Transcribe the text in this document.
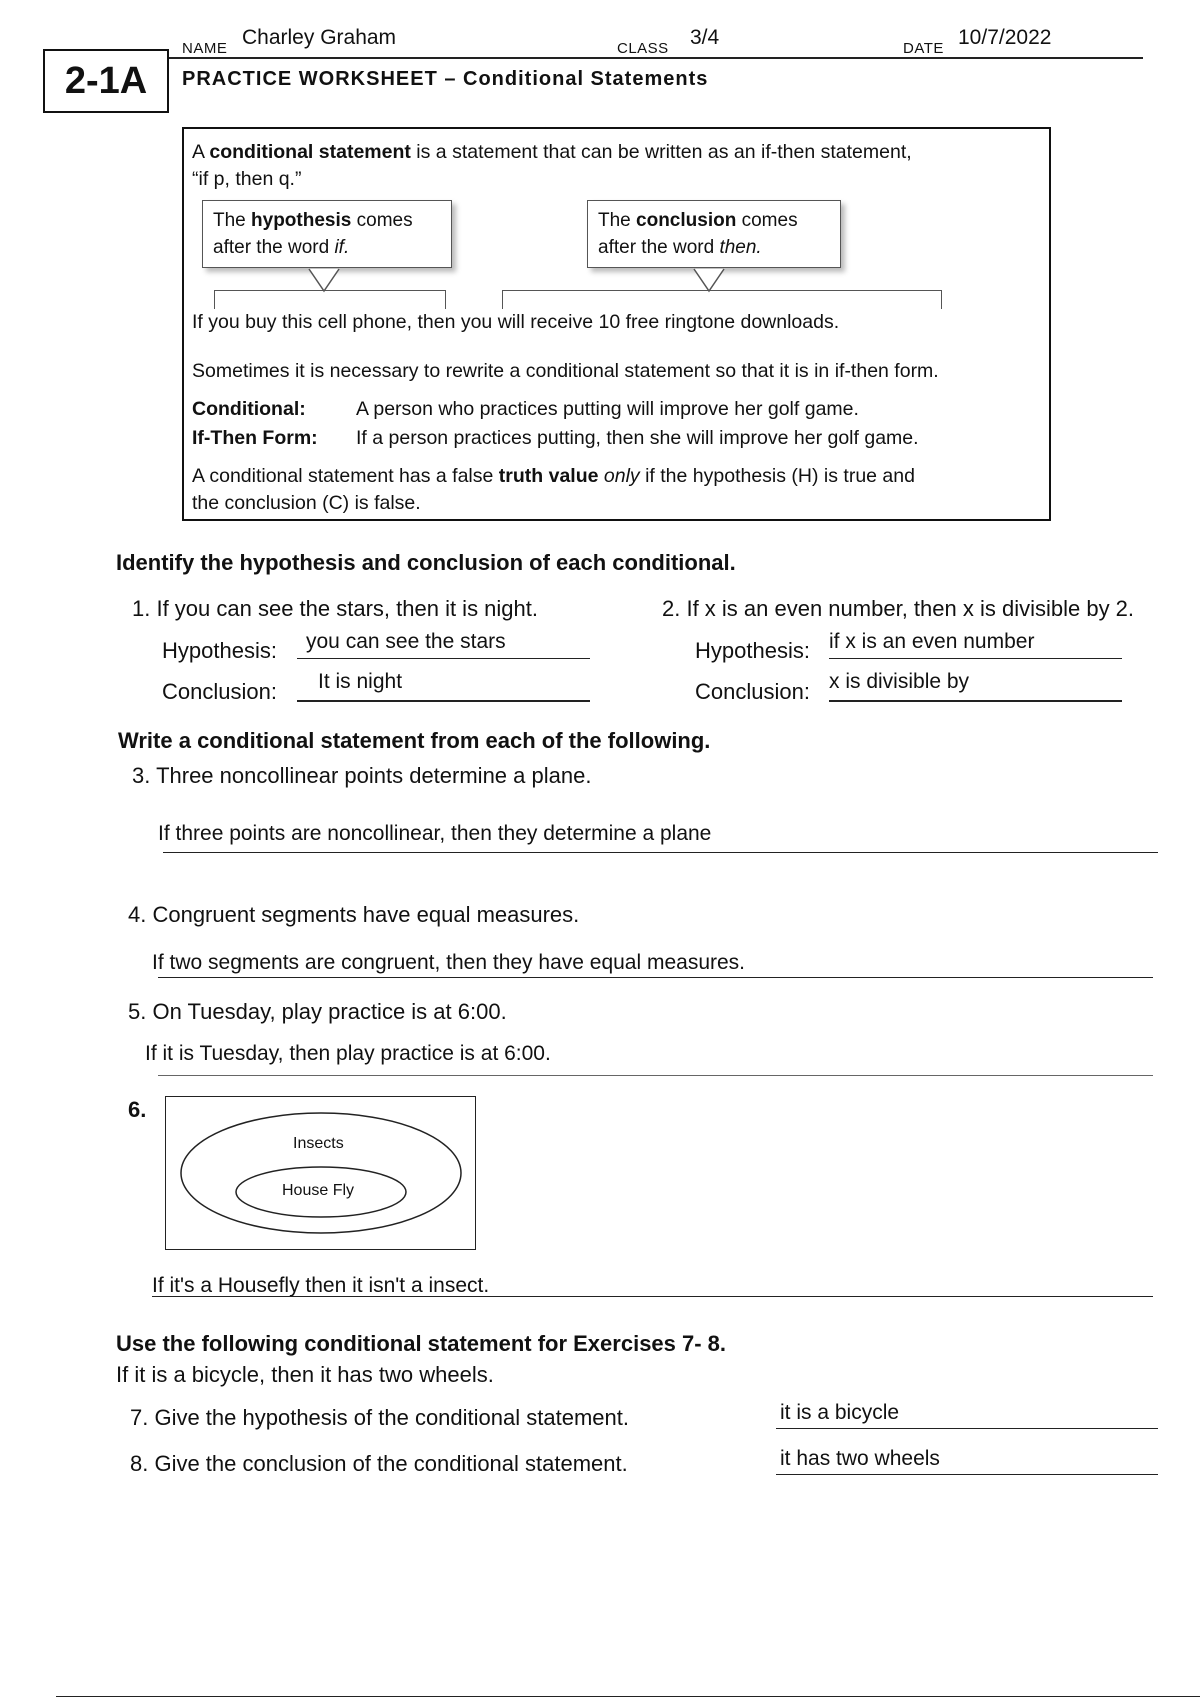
NAME Charley Graham	CLASS 3/4	DATE 10/7/2022
2-1A	PRACTICE WORKSHEET – Conditional Statements
A conditional statement is a statement that can be written as an if-then statement,
“if p, then q.”
The hypothesis comes
after the word if.
The conclusion comes
after the word then.
If you buy this cell phone, then you will receive 10 free ringtone downloads.
Sometimes it is necessary to rewrite a conditional statement so that it is in if-then form.
Conditional:	A person who practices putting will improve her golf game.
If-Then Form: If a person practices putting, then she will improve her golf game.
A conditional statement has a false truth value only if the hypothesis (H) is true and
the conclusion (C) is false.
Identify the hypothesis and conclusion of each conditional.
1. If you can see the stars, then it is night.
Hypothesis: you can see the stars
Conclusion: It is night
2. If x is an even number, then x is divisible by 2.
Hypothesis: if x is an even number
Conclusion: x is divisible by
Write a conditional statement from each of the following.
3. Three noncollinear points determine a plane.
If three points are noncollinear, then they determine a plane
4. Congruent segments have equal measures.
If two segments are congruent, then they have equal measures.
5. On Tuesday, play practice is at 6:00.
If it is Tuesday, then play practice is at 6:00.
6.
Insects
House Fly
If it's a Housefly then it isn't a insect.
Use the following conditional statement for Exercises 7- 8.
If it is a bicycle, then it has two wheels.
7. Give the hypothesis of the conditional statement.	it is a bicycle
8. Give the conclusion of the conditional statement.	it has two wheels
